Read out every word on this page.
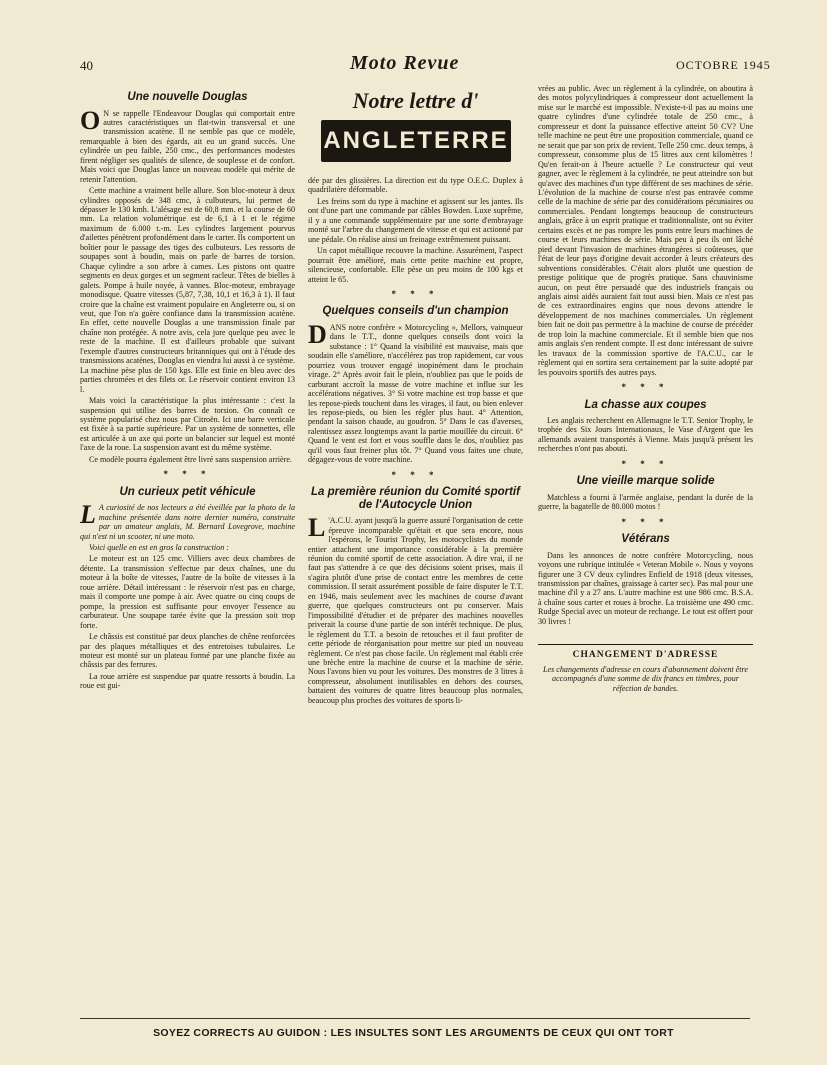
40	Moto Revue	OCTOBRE 1945
Une nouvelle Douglas

O N se rappelle l'Endeavour Douglas qui comportait entre autres caractéristiques un flat-twin transversal et une transmission acatène. Il ne semble pas que ce modèle, remarquable à bien des égards, ait eu un grand succès. Une cylindrée un peu faible, 250 cmc., des performances modestes firent négliger ses qualités de silence, de souplesse et de confort. Mais voici que Douglas lance un nouveau modèle qui mérite de retenir l'attention.

Cette machine a vraiment belle allure. Son bloc-moteur à deux cylindres opposés de 348 cmc, à culbuteurs, lui permet de dépasser le 130 kmh. L'alésage est de 60,8 mm. et la course de 60 mm. La relation volumétrique est de 6,1 à 1 et le régime maximum de 6.000 t.-m. Les cylindres largement pourvus d'ailettes pénètrent profondément dans le carter. Ils comportent un boîtier pour le passage des tiges des culbuteurs. Les ressorts de soupapes sont à boudin, mais on parle de barres de torsion. Chaque cylindre a son arbre à cames. Les pistons ont quatre segments en deux gorges et un segment racleur. Têtes de bielles à galets. Pompe à huile noyée, à vannes. Bloc-moteur, embrayage monodisque. Quatre vitesses (5,87, 7,38, 10,1 et 16,3 à 1). Il faut croire que la chaîne est vraiment populaire en Angleterre ou, si on veut, que l'on n'a guère confiance dans la transmission acatène. En effet, cette nouvelle Douglas a une transmission finale par chaîne non protégée. A notre avis, cela jure quelque peu avec le reste de la machine. Il est d'ailleurs probable que suivant l'exemple d'autres constructeurs britanniques qui ont à l'étude des transmissions acatènes, Douglas en viendra lui aussi à ce système. La machine pèse plus de 150 kgs. Elle est finie en bleu avec des parties chromées et des filets or. Le réservoir contient environ 13 l.

Mais voici la caractéristique la plus intéressante : c'est la suspension qui utilise des barres de torsion. On connaît ce système popularisé chez nous par Citroën. Ici une barre verticale est fixée à sa partie supérieure. Par un système de sonnettes, elle est articulée à un axe qui porte un balancier sur lequel est monté l'axe de la roue. La suspension avant est du même système.

Ce modèle pourra également être livré sans suspension arrière.

* * *
Un curieux petit véhicule

L A curiosité de nos lecteurs a été éveillée par la photo de la machine présentée dans notre dernier numéro, construite par un amateur anglais, M. Bernard Lovegrove, machine qui n'est ni un scooter, ni une moto.

Voici quelle en est en gros la construction :

Le moteur est un 125 cmc. Villiers avec deux chambres de détente. La transmission s'effectue par deux chaînes, une du moteur à la boîte de vitesses, l'autre de la boîte de vitesses à la roue arrière. Détail intéressant : le réservoir n'est pas en charge, mais il comporte une pompe à air. Avec quatre ou cinq coups de pompe, la pression est suffisante pour envoyer l'essence au carburateur. Une soupape tarée évite que la pression soit trop forte.

Le châssis est constitué par deux planches de chêne renforcées par des plaques métalliques et des entretoises tubulaires. Le moteur est monté sur un plateau formé par une planche fixée au châssis par des ferrures.

La roue arrière est suspendue par quatre ressorts à boudin. La roue est gui-

Notre lettre d'
ANGLETERRE

dée par des glissières. La direction est du type O.E.C. Duplex à quadrilatère déformable.

Les freins sont du type à machine et agissent sur les jantes. Ils ont d'une part une commande par câbles Bowden. Luxe suprême, il y a une commande supplémentaire par une sorte d'embrayage monté sur l'arbre du changement de vitesse et qui est actionné par une pédale. On réalise ainsi un freinage extrêmement puissant.

Un capot métallique recouvre la machine. Assurément, l'aspect pourrait être amélioré, mais cette petite machine est propre, silencieuse, confortable. Elle pèse un peu moins de 100 kgs et atteint le 65.

* * *
Quelques conseils d'un champion

DANS notre confrère « Motorcycling », Mellors, vainqueur dans le T.T., donne quelques conseils dont voici la substance : 1° Quand la visibilité est mauvaise, mais que soudain elle s'améliore, n'accélérez pas trop rapidement, car vous pourriez vous trouver engagé inopinément dans le prochain virage. 2° Après avoir fait le plein, n'oubliez pas que le poids de carburant accroît la masse de votre machine et influe sur les accélérations négatives. 3° Si votre machine est trop basse et que les repose-pieds touchent dans les virages, il faut, ou bien enlever les repose-pieds, ou bien les régler plus haut. 4° Attention, pendant la saison chaude, au goudron. 5° Dans le cas d'averses, ralentissez assez longtemps avant la partie mouillée du circuit. 6° Quand le vent est fort et vous souffle dans le dos, n'oubliez pas qu'il vous faut freiner plus tôt. 7° Quand vous faites une chute, dégagez-vous de votre machine.

* * *
La première réunion du Comité sportif de l'Autocycle Union

L 'A.C.U. ayant jusqu'à la guerre assuré l'organisation de cette épreuve incomparable qu'était et que sera encore, nous l'espérons, le Tourist Trophy, les motocyclistes du monde entier attachent une importance considérable à la première réunion du comité sportif de cette association. A dire vrai, il ne faut pas s'attendre à ce que des décisions soient prises, mais il s'agira plutôt d'une prise de contact entre les membres de cette commission. Il serait assurément possible de faire disputer le T.T. en 1946, mais seulement avec les machines de course d'avant guerre, que quelques constructeurs ont pu conserver. Mais l'impossibilité d'étudier et de préparer des machines nouvelles priverait la course d'une partie de son intérêt technique. De plus, le règlement du T.T. a besoin de retouches et il faut profiter de cette période de réorganisation pour mettre sur pied un nouveau règlement. Ce n'est pas chose facile. Un règlement mal établi crée une brèche entre la machine de course et la machine de série. Nous l'avons bien vu pour les voitures. Des monstres de 3 litres à compresseur, absolument inutilisables en dehors des courses, battaient des voitures de quatre litres beaucoup plus normales, beaucoup plus proches des voitures de sports li-

vrées au public. Avec un règlement à la cylindrée, on aboutira à des motos polycylindriques à compresseur dont actuellement la mise sur le marché est impossible. N'existe-t-il pas au moins une quatre cylindres d'une cylindrée totale de 250 cmc., à compresseur et dont la puissance effective atteint 50 CV? Une telle machine ne peut être une proposition commerciale, quand ce ne serait que par son prix de revient. Telle 250 cmc. deux temps, à compresseur, consomme plus de 15 litres aux cent kilomètres ! Qu'en ferait-on à l'heure actuelle ? Le constructeur qui veut gagner, avec le règlement à la cylindrée, ne peut atteindre son but qu'avec des machines d'un type différent de ses machines de série. L'évolution de la machine de course n'est pas entravée comme celle de la machine de série par des considérations pécuniaires ou commerciales. Pendant longtemps beaucoup de constructeurs anglais, grâce à un esprit pratique et traditionnaliste, ont su éviter certains excès et ne pas rompre les ponts entre leurs machines de course et leurs machines de série. Mais peu à peu ils ont lâché pied devant l'invasion de machines étrangères si coûteuses, que l'état de leur pays d'origine devait accorder à leurs créateurs des subventions considérables. C'était alors plutôt une question de prestige politique que de progrès pratique. Sans chauvinisme aucun, on peut être persuadé que des industriels français ou anglais ainsi aidés auraient fait tout aussi bien. Mais ce n'est pas de ces extraordinaires engins que nous devons attendre le développement de nos machines commerciales. Un règlement bien fait ne doit pas permettre à la machine de course de précéder de trop loin la machine commerciale. Et il semble bien que nos amis anglais s'en rendent compte. Il est donc intéressant de suivre les travaux de la commission sportive de l'A.C.U., car le règlement qui en sortira sera certainement par la suite adopté par les pouvoirs sportifs des autres pays.

* * *
La chasse aux coupes

Les anglais recherchent en Allemagne le T.T. Senior Trophy, le trophée des Six Jours Internationaux, le Vase d'Argent que les allemands avaient transportés à Vienne. Mais jusqu'à présent les recherches n'ont pas abouti.

* * *
Une vieille marque solide

Matchless a fourni à l'armée anglaise, pendant la durée de la guerre, la bagatelle de 80.000 motos !

* * *
Vétérans

Dans les annonces de notre confrère Motorcycling, nous voyons une rubrique intitulée « Veteran Mobile ». Nous y voyons figurer une 3 CV deux cylindres Enfield de 1918 (deux vitesses, transmission par chaînes, graissage à carter sec). Pas mal pour une machine d'il y a 27 ans. L'autre machine est une 986 cmc. B.S.A. à chaîne sous carter et roues à broche. La troisième une 490 cmc. Rudge Special avec un moteur de rechange. Le tout est offert pour 30 livres !

CHANGEMENT D'ADRESSE

Les changements d'adresse en cours d'abonnement doivent être accompagnés d'une somme de dix francs en timbres, pour réfection de bandes.

SOYEZ CORRECTS AU GUIDON : LES INSULTES SONT LES ARGUMENTS DE CEUX QUI ONT TORT
